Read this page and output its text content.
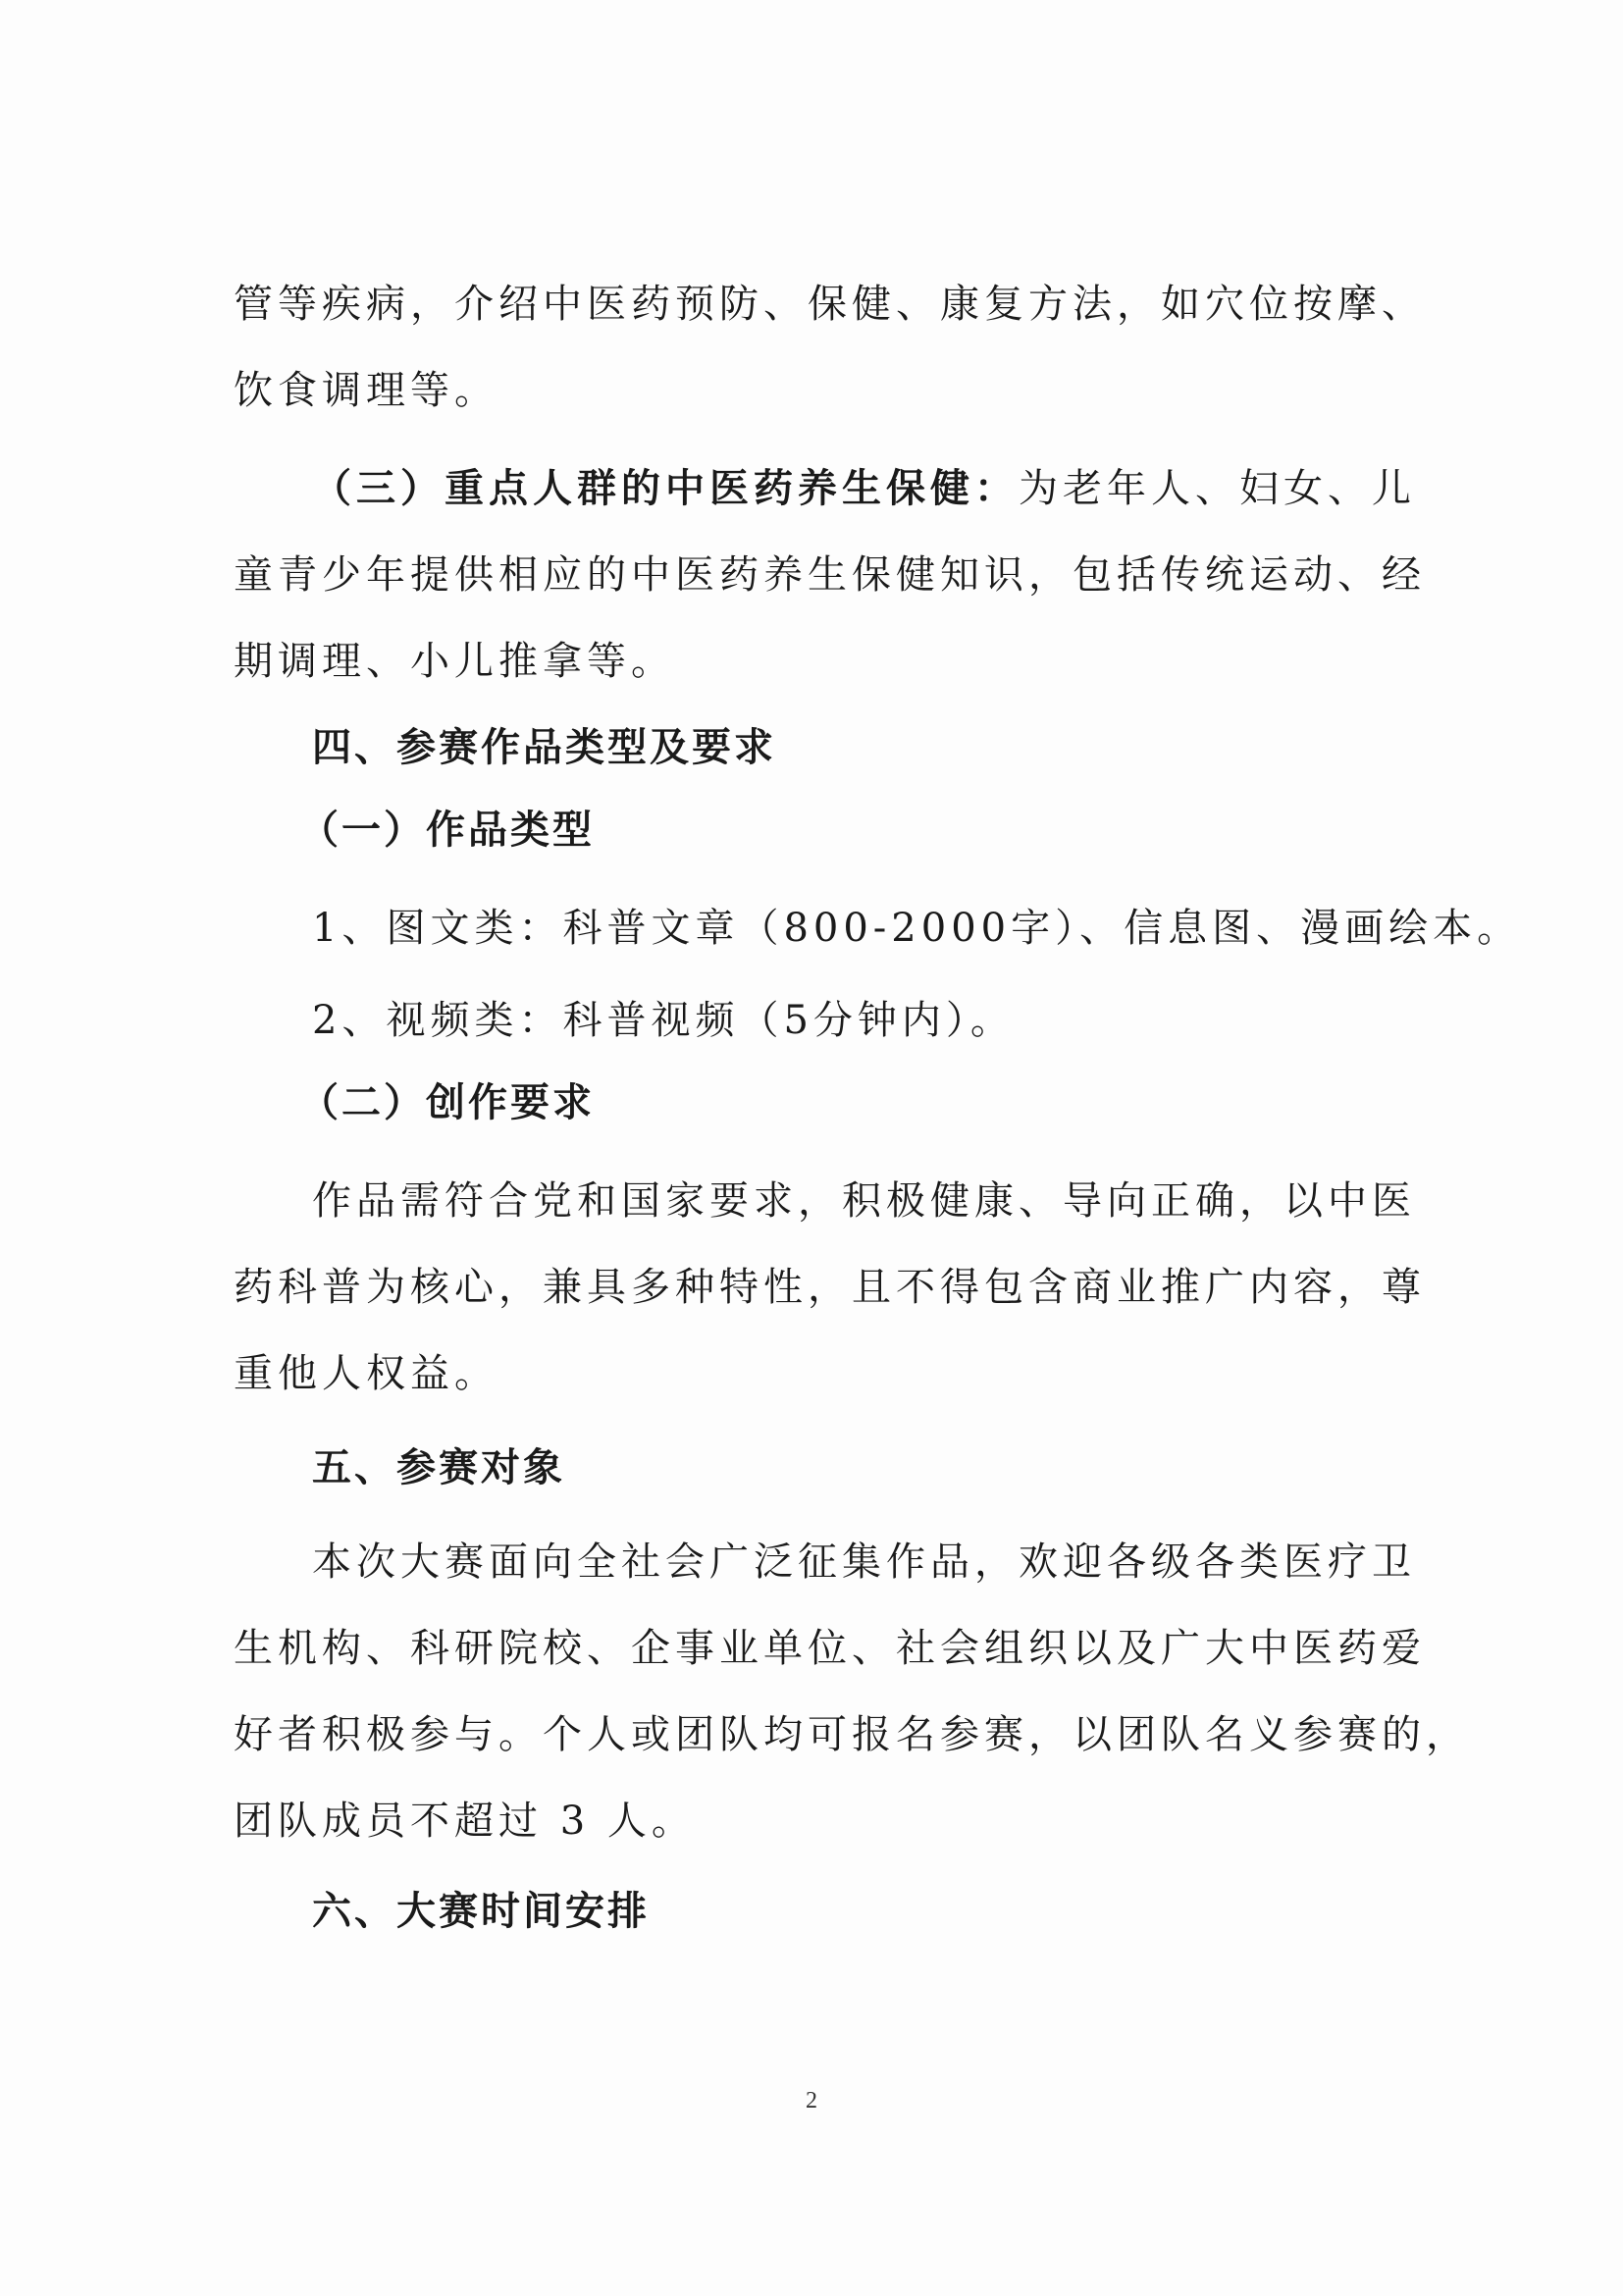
管等疾病，介绍中医药预防、保健、康复方法，如穴位按摩、
饮食调理等。
（三）重点人群的中医药养生保健：为老年人、妇女、儿
童青少年提供相应的中医药养生保健知识，包括传统运动、经
期调理、小儿推拿等。
四、参赛作品类型及要求
（一）作品类型
1、图文类：科普文章（800-2000字）、信息图、漫画绘本。
2、视频类：科普视频（5分钟内）。
（二）创作要求
作品需符合党和国家要求，积极健康、导向正确，以中医
药科普为核心，兼具多种特性，且不得包含商业推广内容，尊
重他人权益。
五、参赛对象
本次大赛面向全社会广泛征集作品，欢迎各级各类医疗卫
生机构、科研院校、企事业单位、社会组织以及广大中医药爱
好者积极参与。个人或团队均可报名参赛，以团队名义参赛的，
团队成员不超过 3 人。
六、大赛时间安排
2
